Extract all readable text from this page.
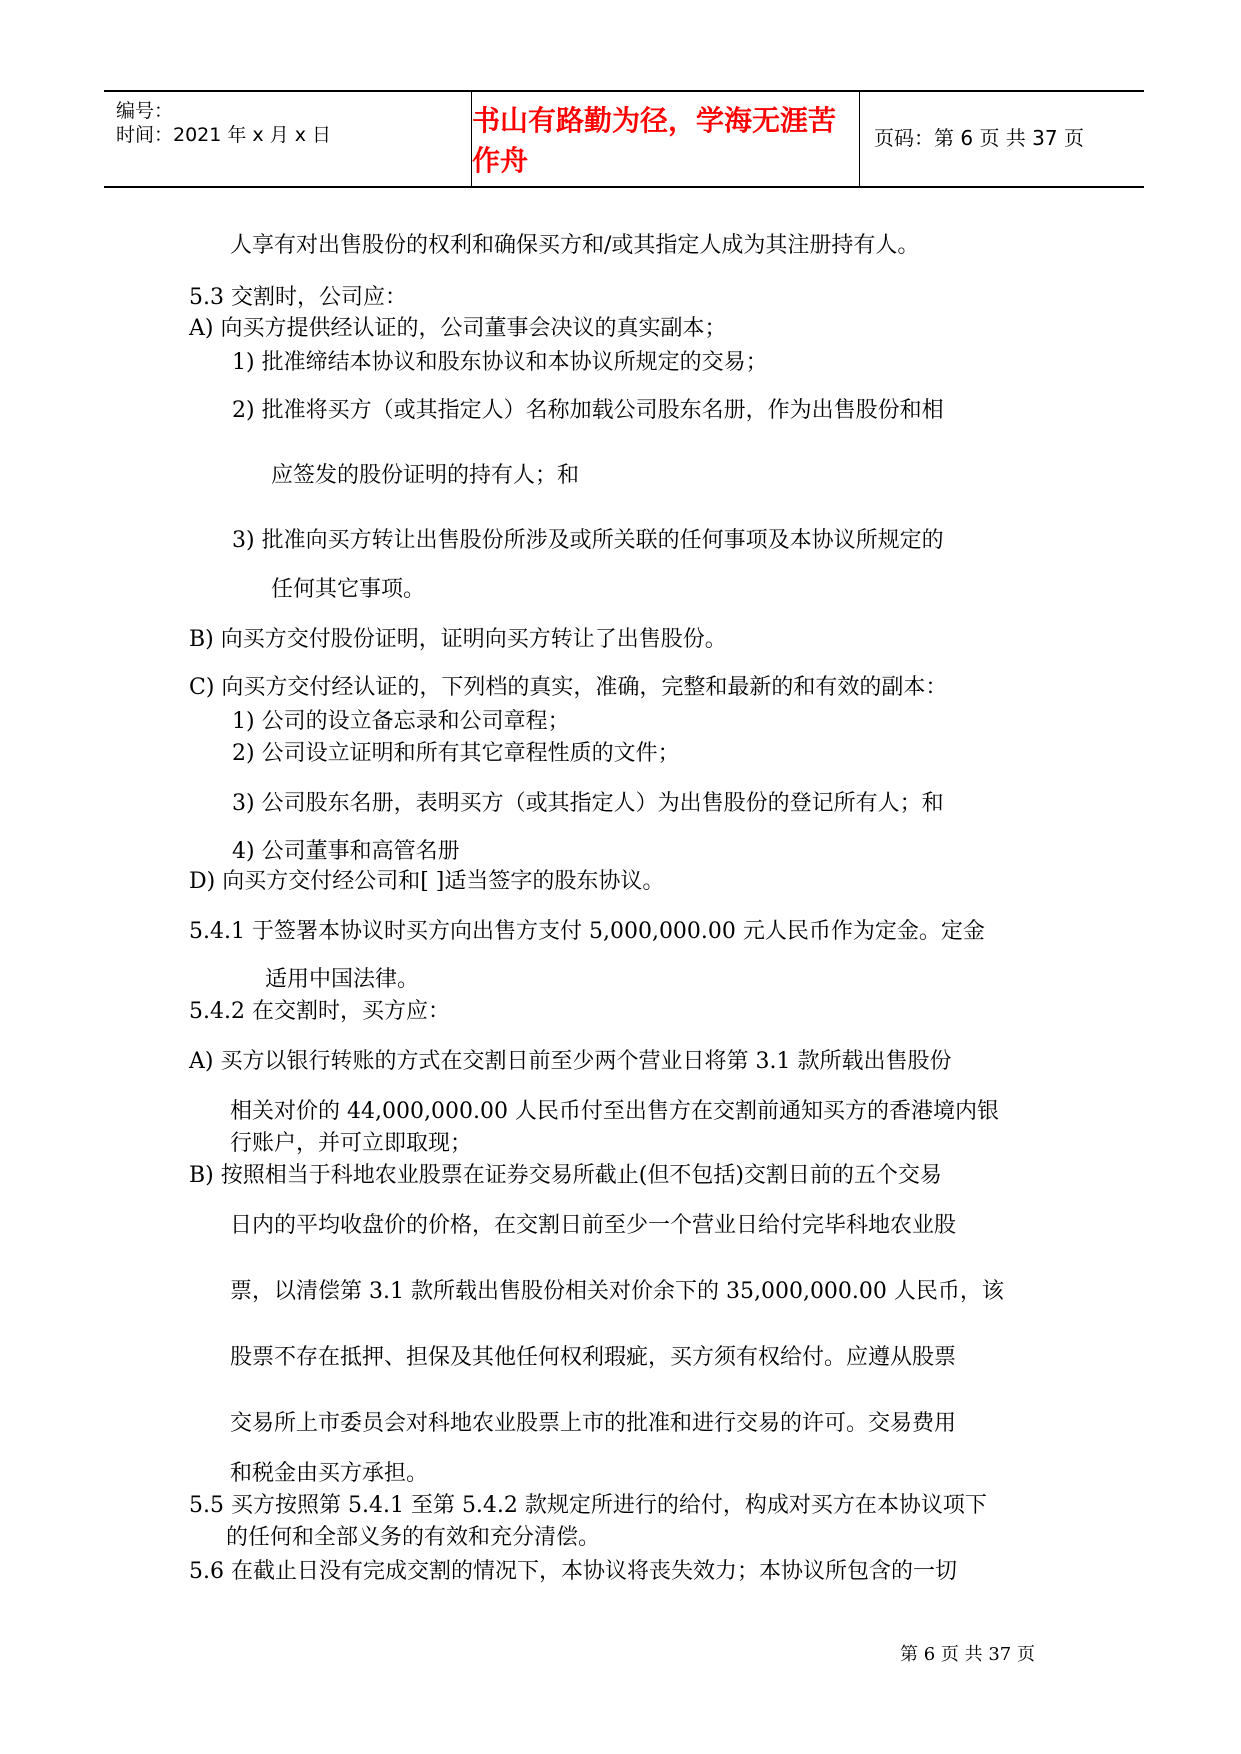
编号：
时间：2021 年 x 月 x 日	书山有路勤为径，学海无涯苦作舟
页码：第 6 页 共 37 页
人享有对出售股份的权利和确保买方和/或其指定人成为其注册持有人。
5.3 交割时，公司应：
A) 向买方提供经认证的，公司董事会决议的真实副本；
1) 批准缔结本协议和股东协议和本协议所规定的交易；
2) 批准将买方（或其指定人）名称加载公司股东名册，作为出售股份和相
应签发的股份证明的持有人；和
3) 批准向买方转让出售股份所涉及或所关联的任何事项及本协议所规定的
任何其它事项。
B) 向买方交付股份证明，证明向买方转让了出售股份。
C) 向买方交付经认证的，下列档的真实，准确，完整和最新的和有效的副本：
1) 公司的设立备忘录和公司章程；
2) 公司设立证明和所有其它章程性质的文件；
3) 公司股东名册，表明买方（或其指定人）为出售股份的登记所有人；和
4) 公司董事和高管名册
D) 向买方交付经公司和[ ]适当签字的股东协议。
5.4.1 于签署本协议时买方向出售方支付 5,000,000.00 元人民币作为定金。定金
适用中国法律。
5.4.2 在交割时，买方应：
A) 买方以银行转账的方式在交割日前至少两个营业日将第 3.1 款所载出售股份
相关对价的 44,000,000.00 人民币付至出售方在交割前通知买方的香港境内银
行账户，并可立即取现；
B) 按照相当于科地农业股票在证券交易所截止(但不包括)交割日前的五个交易
日内的平均收盘价的价格，在交割日前至少一个营业日给付完毕科地农业股
票，以清偿第 3.1 款所载出售股份相关对价余下的 35,000,000.00 人民币，该
股票不存在抵押、担保及其他任何权利瑕疵，买方须有权给付。应遵从股票
交易所上市委员会对科地农业股票上市的批准和进行交易的许可。交易费用
和税金由买方承担。
5.5 买方按照第 5.4.1 至第 5.4.2 款规定所进行的给付，构成对买方在本协议项下
的任何和全部义务的有效和充分清偿。
5.6 在截止日没有完成交割的情况下，本协议将丧失效力；本协议所包含的一切
第 6 页 共 37 页
